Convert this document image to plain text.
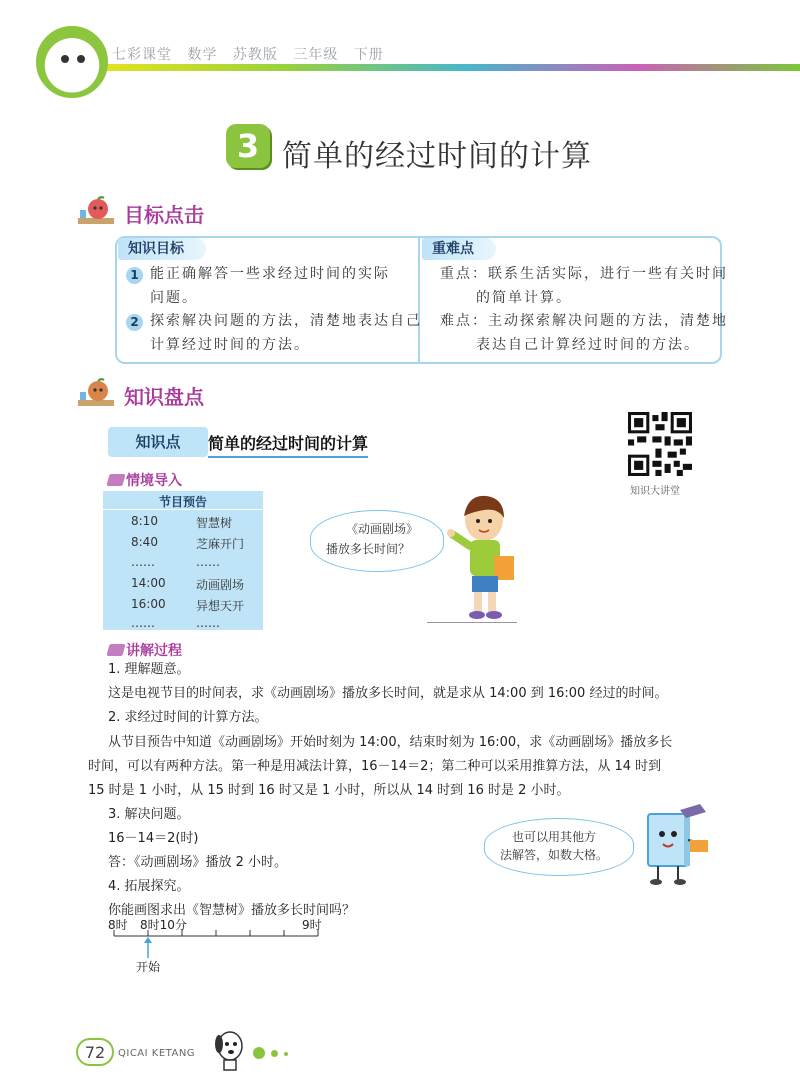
七彩课堂 数学 苏教版 三年级 下册
3 简单的经过时间的计算
目标点击
知识目标	重难点
1 能正确解答一些求经过时间的实际
问题。
2 探索解决问题的方法，清楚地表达自己
计算经过时间的方法。
重点：联系生活实际，进行一些有关时间
的简单计算。
难点：主动探索解决问题的方法，清楚地
表达自己计算经过时间的方法。
知识盘点
知识点	简单的经过时间的计算
知识大讲堂
情境导入
节目预告
8:10	智慧树
8:40	芝麻开门
……	……
14:00	动画剧场
16:00	异想天开
……	……
《动画剧场》
播放多长时间？
讲解过程
1. 理解题意。
这是电视节目的时间表，求《动画剧场》播放多长时间，就是求从 14:00 到 16:00 经过的时间。
2. 求经过时间的计算方法。
从节目预告中知道《动画剧场》开始时刻为 14:00，结束时刻为 16:00，求《动画剧场》播放多长
时间，可以有两种方法。第一种是用减法计算，16－14＝2；第二种可以采用推算方法，从 14 时到
15 时是 1 小时，从 15 时到 16 时又是 1 小时，所以从 14 时到 16 时是 2 小时。
3. 解决问题。
16－14＝2(时)
答：《动画剧场》播放 2 小时。
4. 拓展探究。
你能画图求出《智慧树》播放多长时间吗？
也可以用其他方
法解答，如数大格。
8时 8时10分	9时
开始
72	QICAI KETANG
